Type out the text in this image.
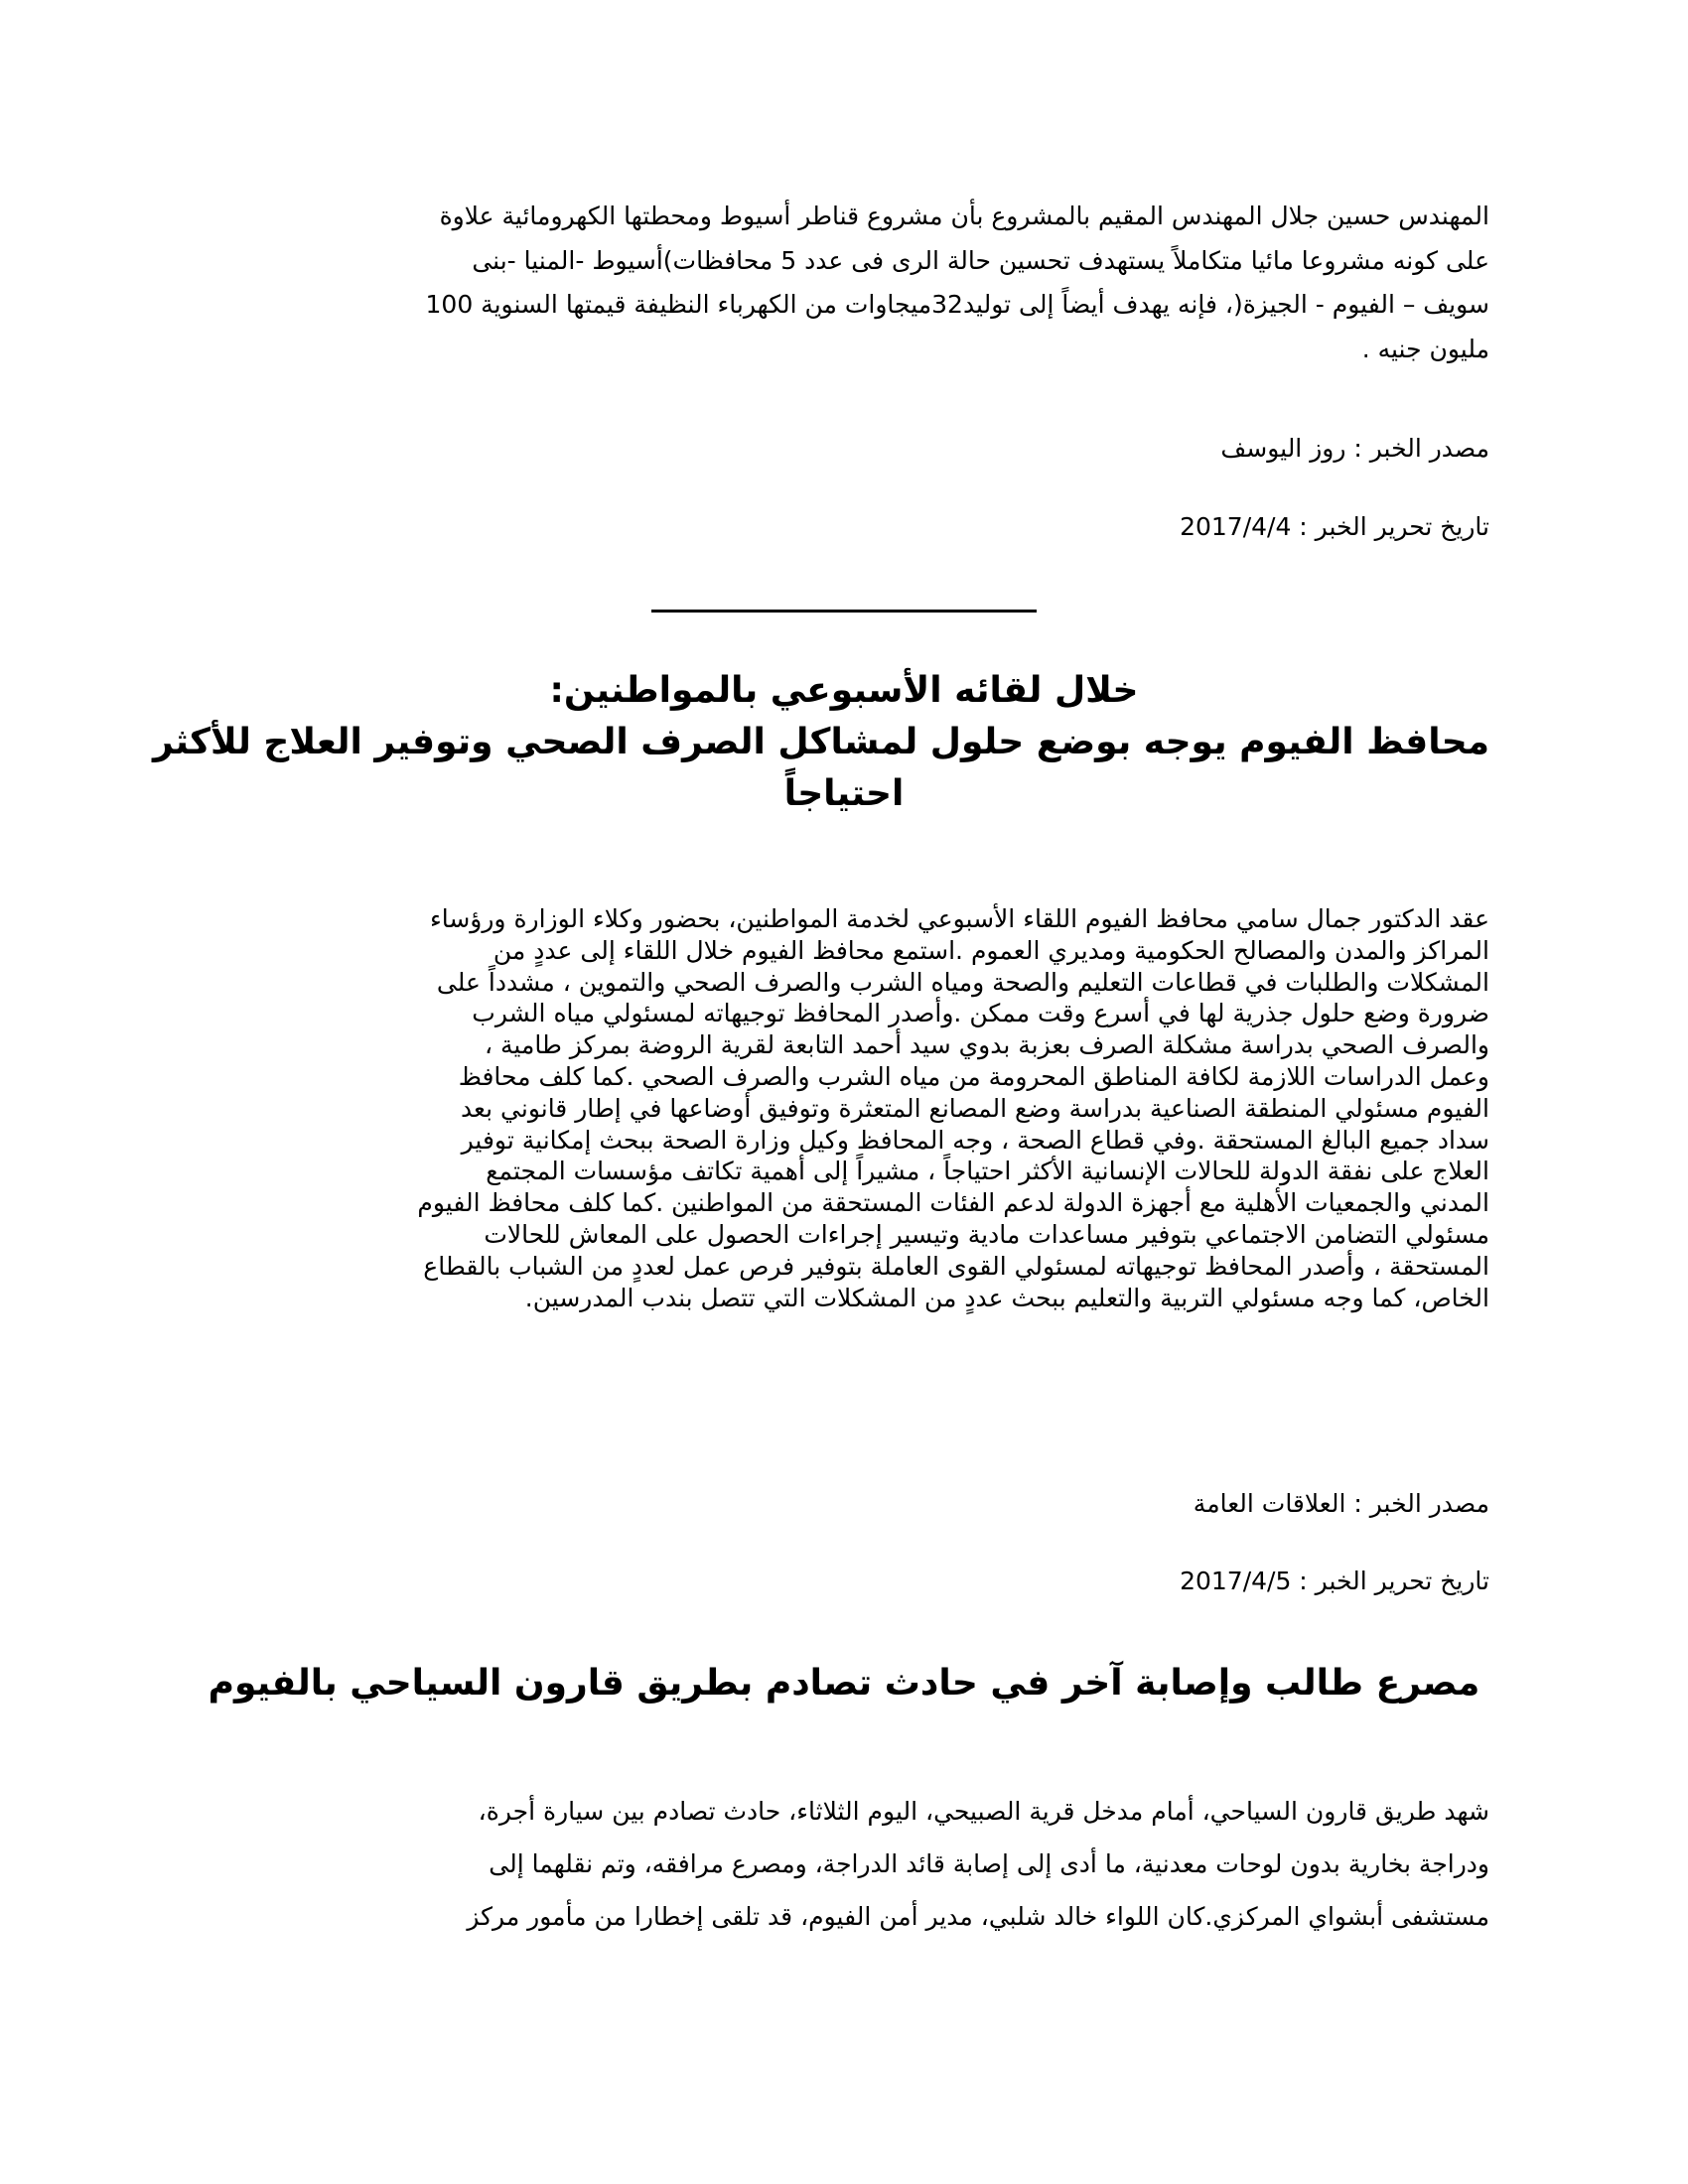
المهندس حسين جلال المهندس المقيم بالمشروع بأن مشروع قناطر أسيوط ومحطتها الكهرومائية علاوة
على كونه مشروعا مائيا متكاملاً يستهدف تحسين حالة الرى فى عدد 5 محافظات)أسيوط -المنيا -بنى
سويف – الفيوم - الجيزة(، فإنه يهدف أيضاً إلى توليد32ميجاوات من الكهرباء النظيفة قيمتها السنوية 100
مليون جنيه .

مصدر الخبر : روز اليوسف

تاريخ تحرير الخبر : 2017/4/4

خلال لقائه الأسبوعي بالمواطنين:
محافظ الفيوم يوجه بوضع حلول لمشاكل الصرف الصحي وتوفير العلاج للأكثر
احتياجاً
عقد الدكتور جمال سامي محافظ الفيوم اللقاء الأسبوعي لخدمة المواطنين، بحضور وكلاء الوزارة ورؤساء
المراكز والمدن والمصالح الحكومية ومديري العموم .استمع محافظ الفيوم خلال اللقاء إلى عددٍ من
المشكلات والطلبات في قطاعات التعليم والصحة ومياه الشرب والصرف الصحي والتموين ، مشدداً على
ضرورة وضع حلول جذرية لها في أسرع وقت ممكن .وأصدر المحافظ توجيهاته لمسئولي مياه الشرب
والصرف الصحي بدراسة مشكلة الصرف بعزبة بدوي سيد أحمد التابعة لقرية الروضة بمركز طامية ،
وعمل الدراسات اللازمة لكافة المناطق المحرومة من مياه الشرب والصرف الصحي .كما كلف محافظ
الفيوم مسئولي المنطقة الصناعية بدراسة وضع المصانع المتعثرة وتوفيق أوضاعها في إطار قانوني بعد
سداد جميع البالغ المستحقة .وفي قطاع الصحة ، وجه المحافظ وكيل وزارة الصحة ببحث إمكانية توفير
العلاج على نفقة الدولة للحالات الإنسانية الأكثر احتياجاً ، مشيراً إلى أهمية تكاتف مؤسسات المجتمع
المدني والجمعيات الأهلية مع أجهزة الدولة لدعم الفئات المستحقة من المواطنين .كما كلف محافظ الفيوم
مسئولي التضامن الاجتماعي بتوفير مساعدات مادية وتيسير إجراءات الحصول على المعاش للحالات
المستحقة ، وأصدر المحافظ توجيهاته لمسئولي القوى العاملة بتوفير فرص عمل لعددٍ من الشباب بالقطاع
الخاص، كما وجه مسئولي التربية والتعليم ببحث عددٍ من المشكلات التي تتصل بندب المدرسين.

مصدر الخبر : العلاقات العامة

تاريخ تحرير الخبر : 2017/4/5

مصرع طالب وإصابة آخر في حادث تصادم بطريق قارون السياحي بالفيوم

شهد طريق قارون السياحي، أمام مدخل قرية الصبيحي، اليوم الثلاثاء، حادث تصادم بين سيارة أجرة،
ودراجة بخارية بدون لوحات معدنية، ما أدى إلى إصابة قائد الدراجة، ومصرع مرافقه، وتم نقلهما إلى
مستشفى أبشواي المركزي.كان اللواء خالد شلبي، مدير أمن الفيوم، قد تلقى إخطارا من مأمور مركز
